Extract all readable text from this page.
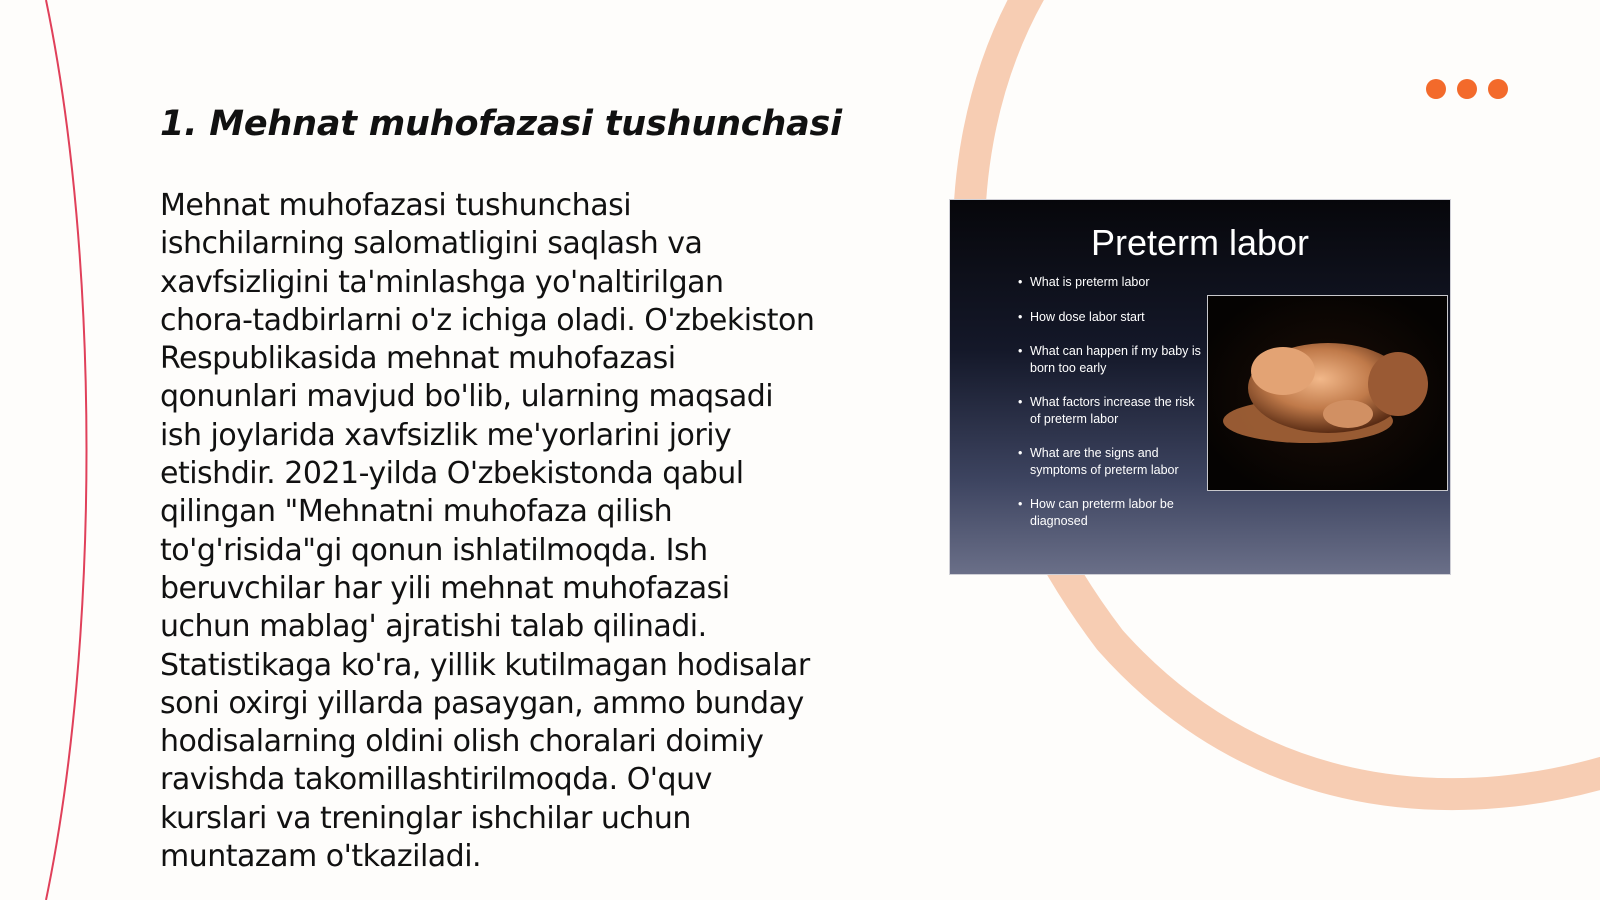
1. Mehnat muhofazasi tushunchasi
Mehnat muhofazasi tushunchasi
ishchilarning salomatligini saqlash va
xavfsizligini ta'minlashga yo'naltirilgan
chora-tadbirlarni o'z ichiga oladi. O'zbekiston
Respublikasida mehnat muhofazasi
qonunlari mavjud bo'lib, ularning maqsadi
ish joylarida xavfsizlik me'yorlarini joriy
etishdir. 2021-yilda O'zbekistonda qabul
qilingan "Mehnatni muhofaza qilish
to'g'risida"gi qonun ishlatilmoqda. Ish
beruvchilar har yili mehnat muhofazasi
uchun mablag' ajratishi talab qilinadi.
Statistikaga ko'ra, yillik kutilmagan hodisalar
soni oxirgi yillarda pasaygan, ammo bunday
hodisalarning oldini olish choralari doimiy
ravishda takomillashtirilmoqda. O'quv
kurslari va treninglar ishchilar uchun
muntazam o'tkaziladi.
Preterm labor
• What is preterm labor
• How dose labor start
• What can happen if my baby is born too early
• What factors increase the risk of preterm labor
• What are the signs and symptoms of preterm labor
• How can preterm labor be diagnosed
